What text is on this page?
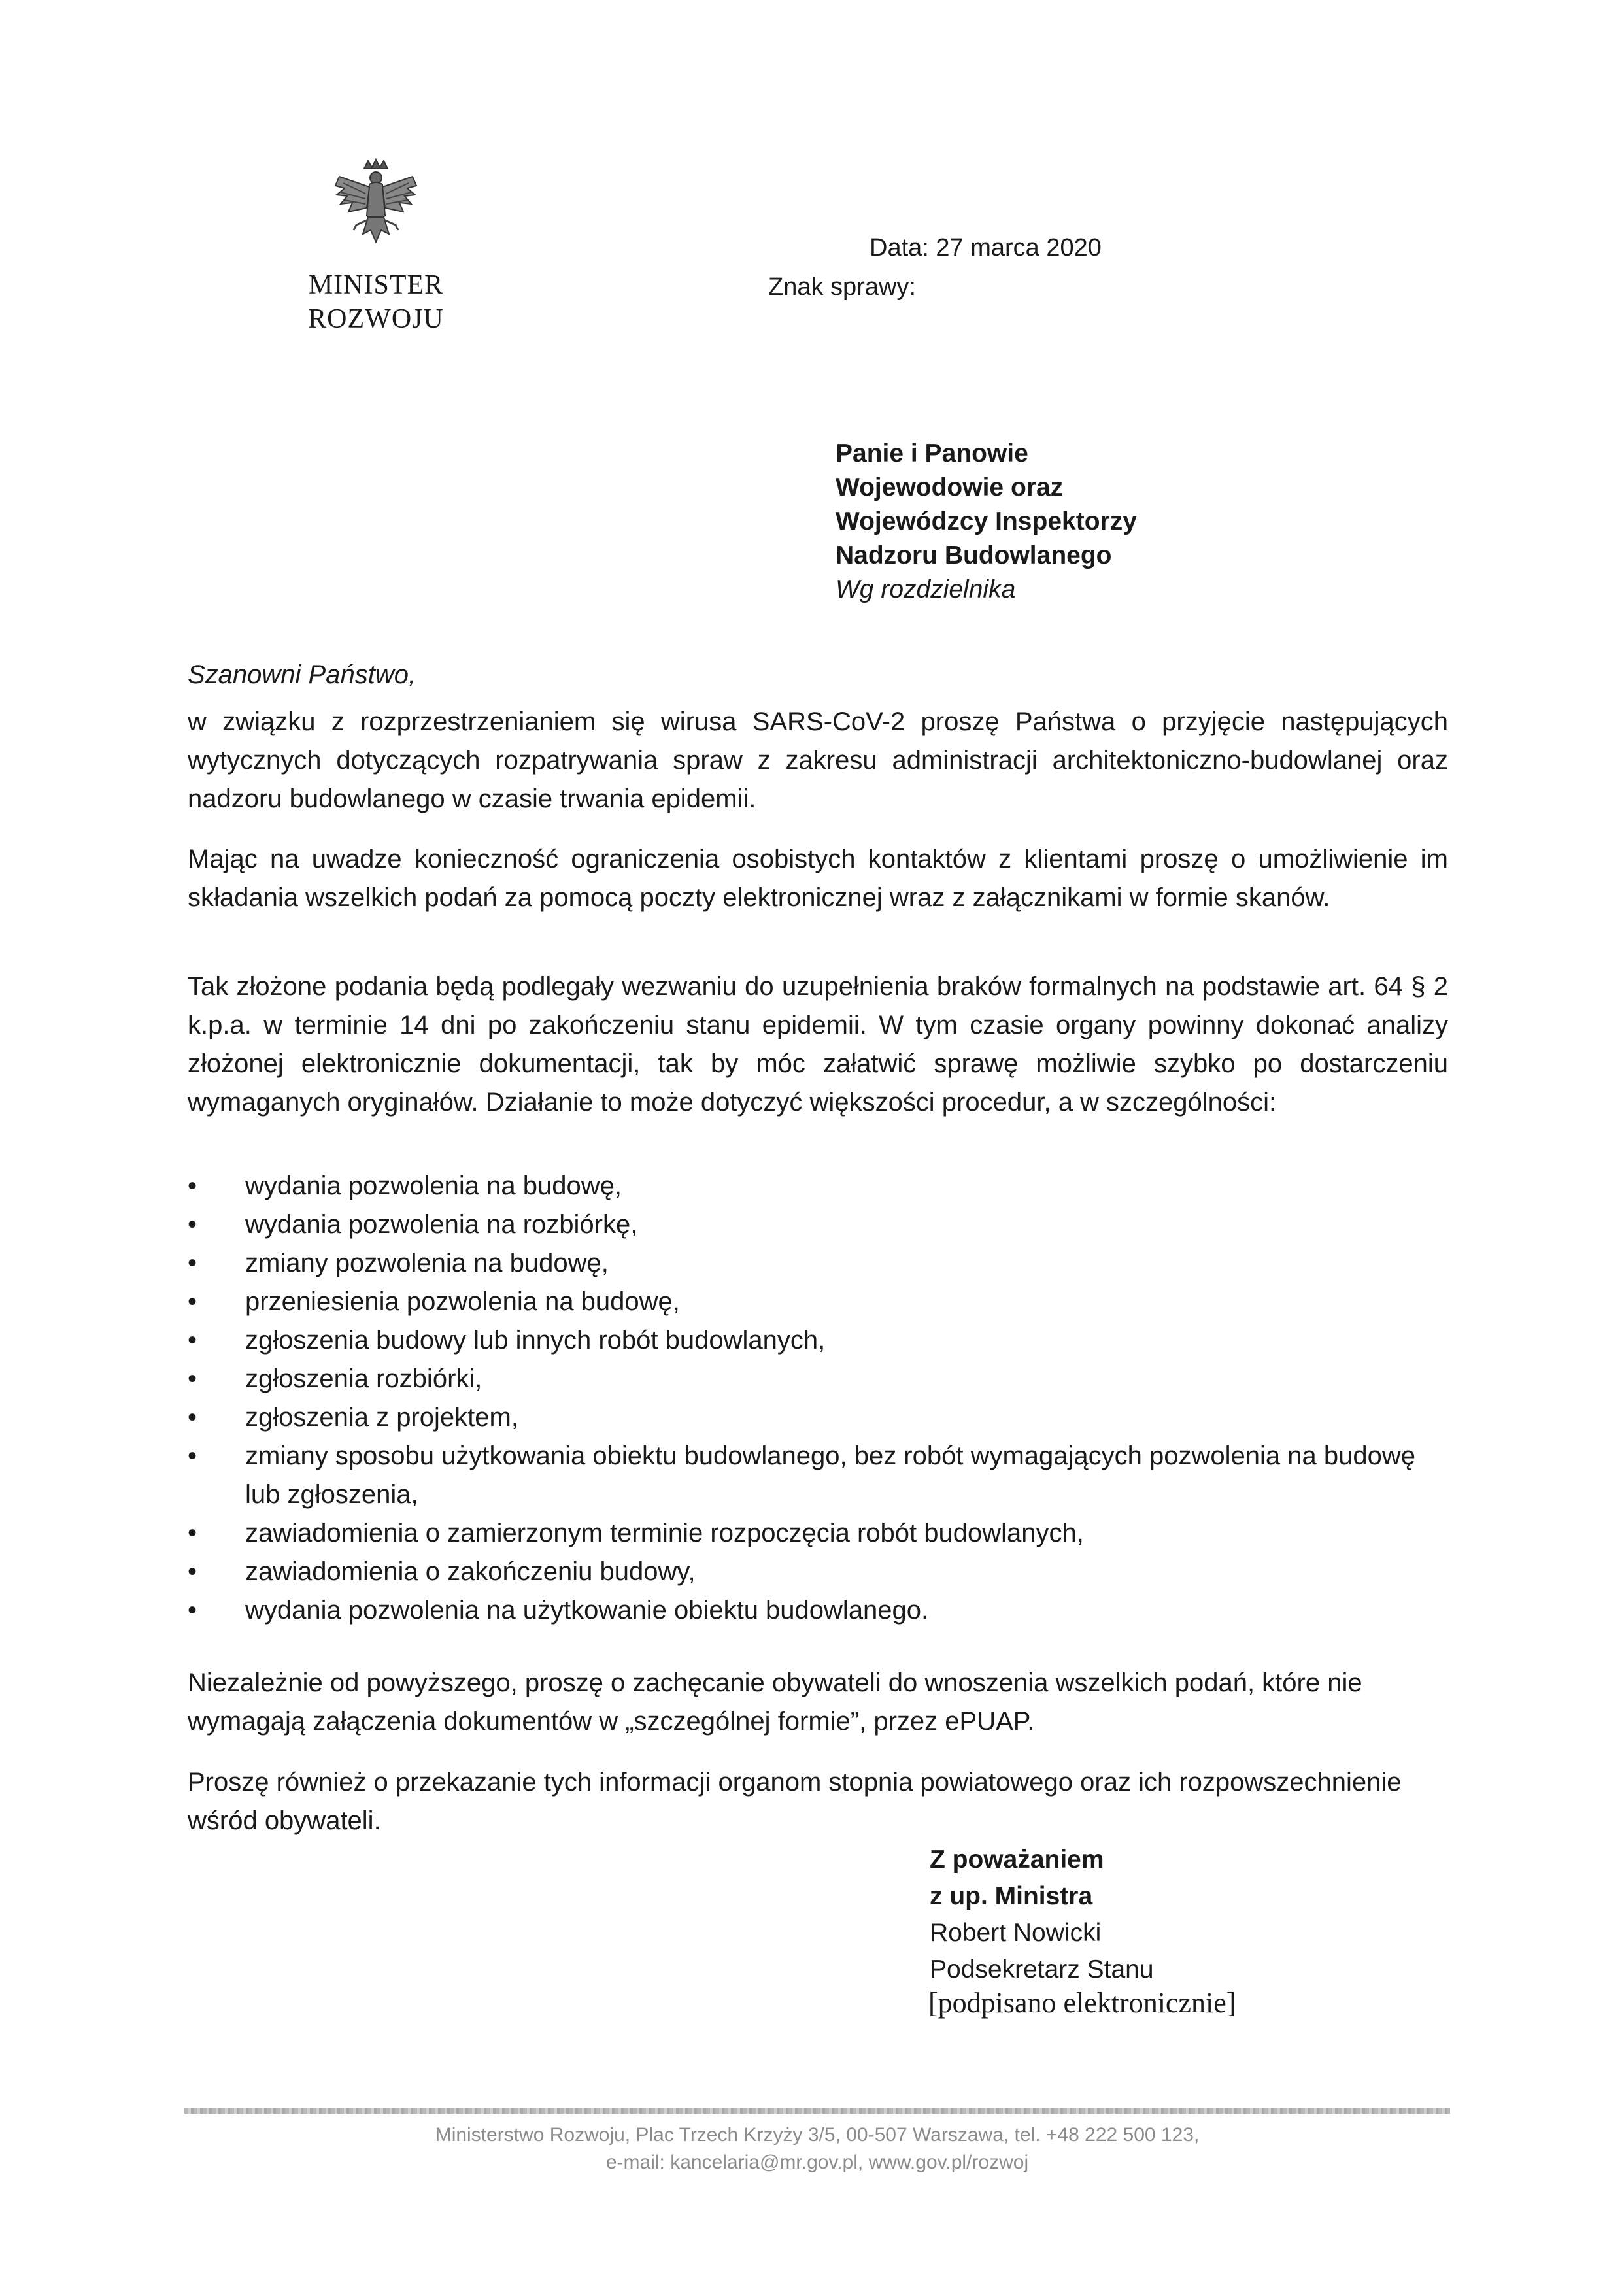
MINISTER
ROZWOJU
Data: 27 marca 2020
Znak sprawy:
Panie i Panowie
Wojewodowie oraz
Wojewódzcy Inspektorzy
Nadzoru Budowlanego
Wg rozdzielnika
Szanowni Państwo,
w związku z rozprzestrzenianiem się wirusa SARS-CoV-2 proszę Państwa o przyjęcie następujących wytycznych dotyczących rozpatrywania spraw z zakresu administracji architektoniczno-budowlanej oraz nadzoru budowlanego w czasie trwania epidemii.
Mając na uwadze konieczność ograniczenia osobistych kontaktów z klientami proszę o umożliwienie im składania wszelkich podań za pomocą poczty elektronicznej wraz z załącznikami w formie skanów.
Tak złożone podania będą podlegały wezwaniu do uzupełnienia braków formalnych na podstawie art. 64 § 2 k.p.a. w terminie 14 dni po zakończeniu stanu epidemii. W tym czasie organy powinny dokonać analizy złożonej elektronicznie dokumentacji, tak by móc załatwić sprawę możliwie szybko po dostarczeniu wymaganych oryginałów. Działanie to może dotyczyć większości procedur, a w szczególności:
• wydania pozwolenia na budowę,
• wydania pozwolenia na rozbiórkę,
• zmiany pozwolenia na budowę,
• przeniesienia pozwolenia na budowę,
• zgłoszenia budowy lub innych robót budowlanych,
• zgłoszenia rozbiórki,
• zgłoszenia z projektem,
• zmiany sposobu użytkowania obiektu budowlanego, bez robót wymagających pozwolenia na budowę lub zgłoszenia,
• zawiadomienia o zamierzonym terminie rozpoczęcia robót budowlanych,
• zawiadomienia o zakończeniu budowy,
• wydania pozwolenia na użytkowanie obiektu budowlanego.
Niezależnie od powyższego, proszę o zachęcanie obywateli do wnoszenia wszelkich podań, które nie wymagają załączenia dokumentów w „szczególnej formie”, przez ePUAP.
Proszę również o przekazanie tych informacji organom stopnia powiatowego oraz ich rozpowszechnienie wśród obywateli.
Z poważaniem
z up. Ministra
Robert Nowicki
Podsekretarz Stanu
[podpisano elektronicznie]
Ministerstwo Rozwoju, Plac Trzech Krzyży 3/5, 00-507 Warszawa, tel. +48 222 500 123,
e-mail: kancelaria@mr.gov.pl, www.gov.pl/rozwoj
